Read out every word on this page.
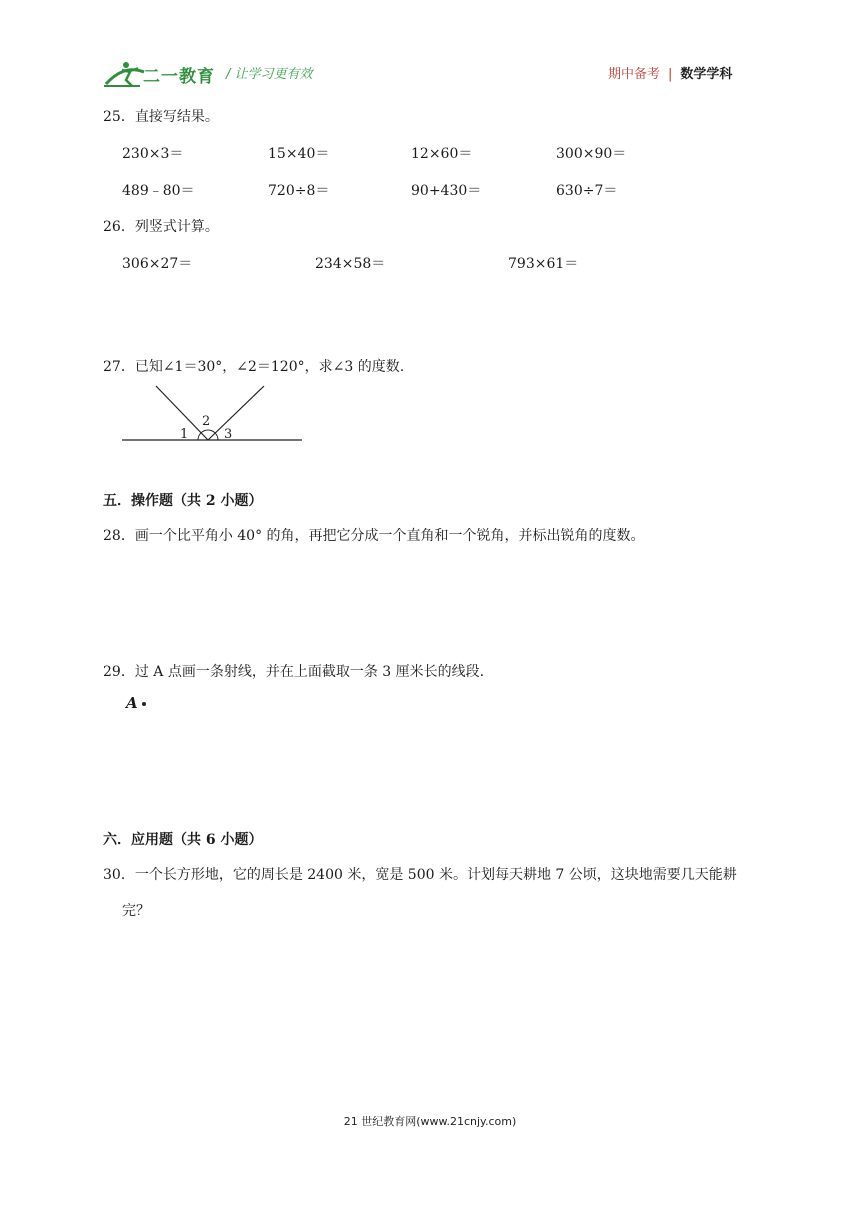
二一教育 / 让学习更有效	期中备考 | 数学学科
25．直接写结果。
230×3＝	15×40＝	12×60＝	300×90＝
489﹣80＝	720÷8＝	90+430＝	630÷7＝
26．列竖式计算。
306×27＝	234×58＝	793×61＝
27．已知∠1＝30°，∠2＝120°，求∠3 的度数.
1
2
3
五．操作题（共 2 小题）
28．画一个比平角小 40° 的角，再把它分成一个直角和一个锐角，并标出锐角的度数。
29．过 A 点画一条射线，并在上面截取一条 3 厘米长的线段.
A
六．应用题（共 6 小题）
30．一个长方形地，它的周长是 2400 米，宽是 500 米。计划每天耕地 7 公顷，这块地需要几天能耕
完？
21 世纪教育网(www.21cnjy.com)
